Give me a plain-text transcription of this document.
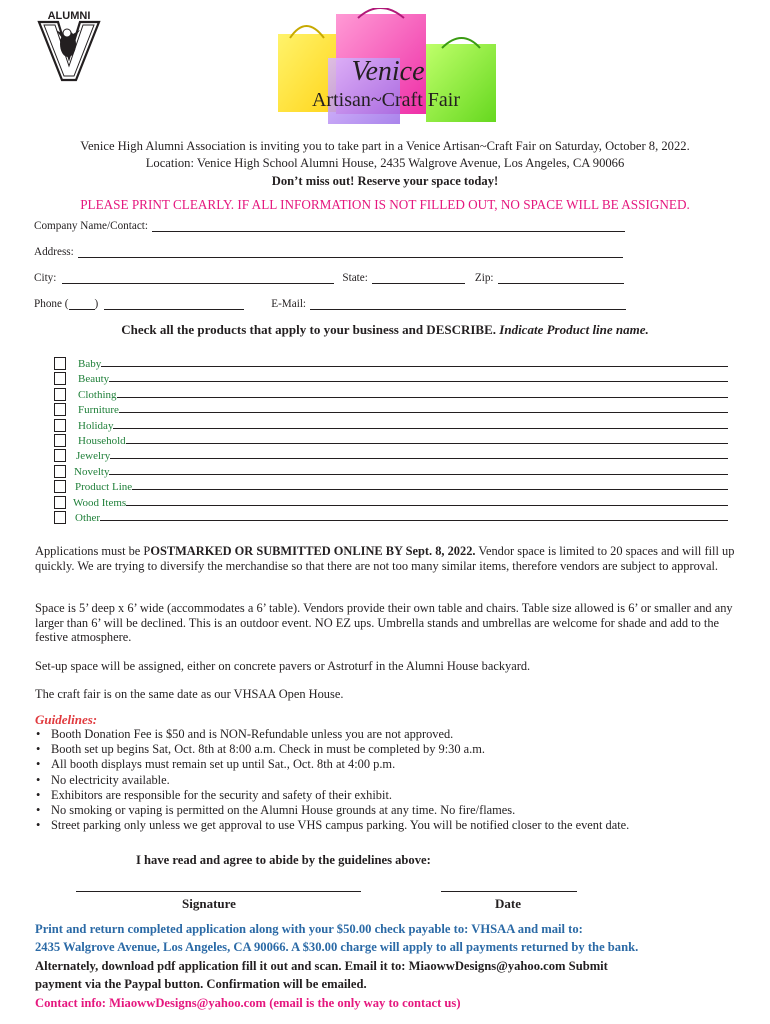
ALUMNI
Venice
Artisan~Craft Fair
Venice High Alumni Association is inviting you to take part in a Venice Artisan~Craft Fair on Saturday, October 8, 2022.
Location: Venice High School Alumni House, 2435 Walgrove Avenue, Los Angeles, CA 90066
Don’t miss out! Reserve your space today!
PLEASE PRINT CLEARLY. IF ALL INFORMATION IS NOT FILLED OUT, NO SPACE WILL BE ASSIGNED.
Company Name/Contact:
Address:
City:	State:	Zip:
Phone ( )	E-Mail:
Check all the products that apply to your business and DESCRIBE. Indicate Product line name.
Baby
Beauty
Clothing
Furniture
Holiday
Household
Jewelry
Novelty
Product Line
Wood Items
Other
Applications must be POSTMARKED OR SUBMITTED ONLINE BY Sept. 8, 2022. Vendor space is limited to 20 spaces and will fill up quickly. We are trying to diversify the merchandise so that there are not too many similar items, therefore vendors are subject to approval.
Space is 5’ deep x 6’ wide (accommodates a 6’ table). Vendors provide their own table and chairs. Table size allowed is 6’ or smaller and any larger than 6’ will be declined. This is an outdoor event. NO EZ ups. Umbrella stands and umbrellas are welcome for shade and add to the festive atmosphere.
Set-up space will be assigned, either on concrete pavers or Astroturf in the Alumni House backyard.
The craft fair is on the same date as our VHSAA Open House.
Guidelines:
• Booth Donation Fee is $50 and is NON-Refundable unless you are not approved.
• Booth set up begins Sat, Oct. 8th at 8:00 a.m. Check in must be completed by 9:30 a.m.
• All booth displays must remain set up until Sat., Oct. 8th at 4:00 p.m.
• No electricity available.
• Exhibitors are responsible for the security and safety of their exhibit.
• No smoking or vaping is permitted on the Alumni House grounds at any time. No fire/flames.
• Street parking only unless we get approval to use VHS campus parking. You will be notified closer to the event date.
I have read and agree to abide by the guidelines above:
Signature	Date
Print and return completed application along with your $50.00 check payable to: VHSAA and mail to:
2435 Walgrove Avenue, Los Angeles, CA 90066. A $30.00 charge will apply to all payments returned by the bank.
Alternately, download pdf application fill it out and scan. Email it to: MiaowwDesigns@yahoo.com Submit
payment via the Paypal button. Confirmation will be emailed.
Contact info: MiaowwDesigns@yahoo.com (email is the only way to contact us)
